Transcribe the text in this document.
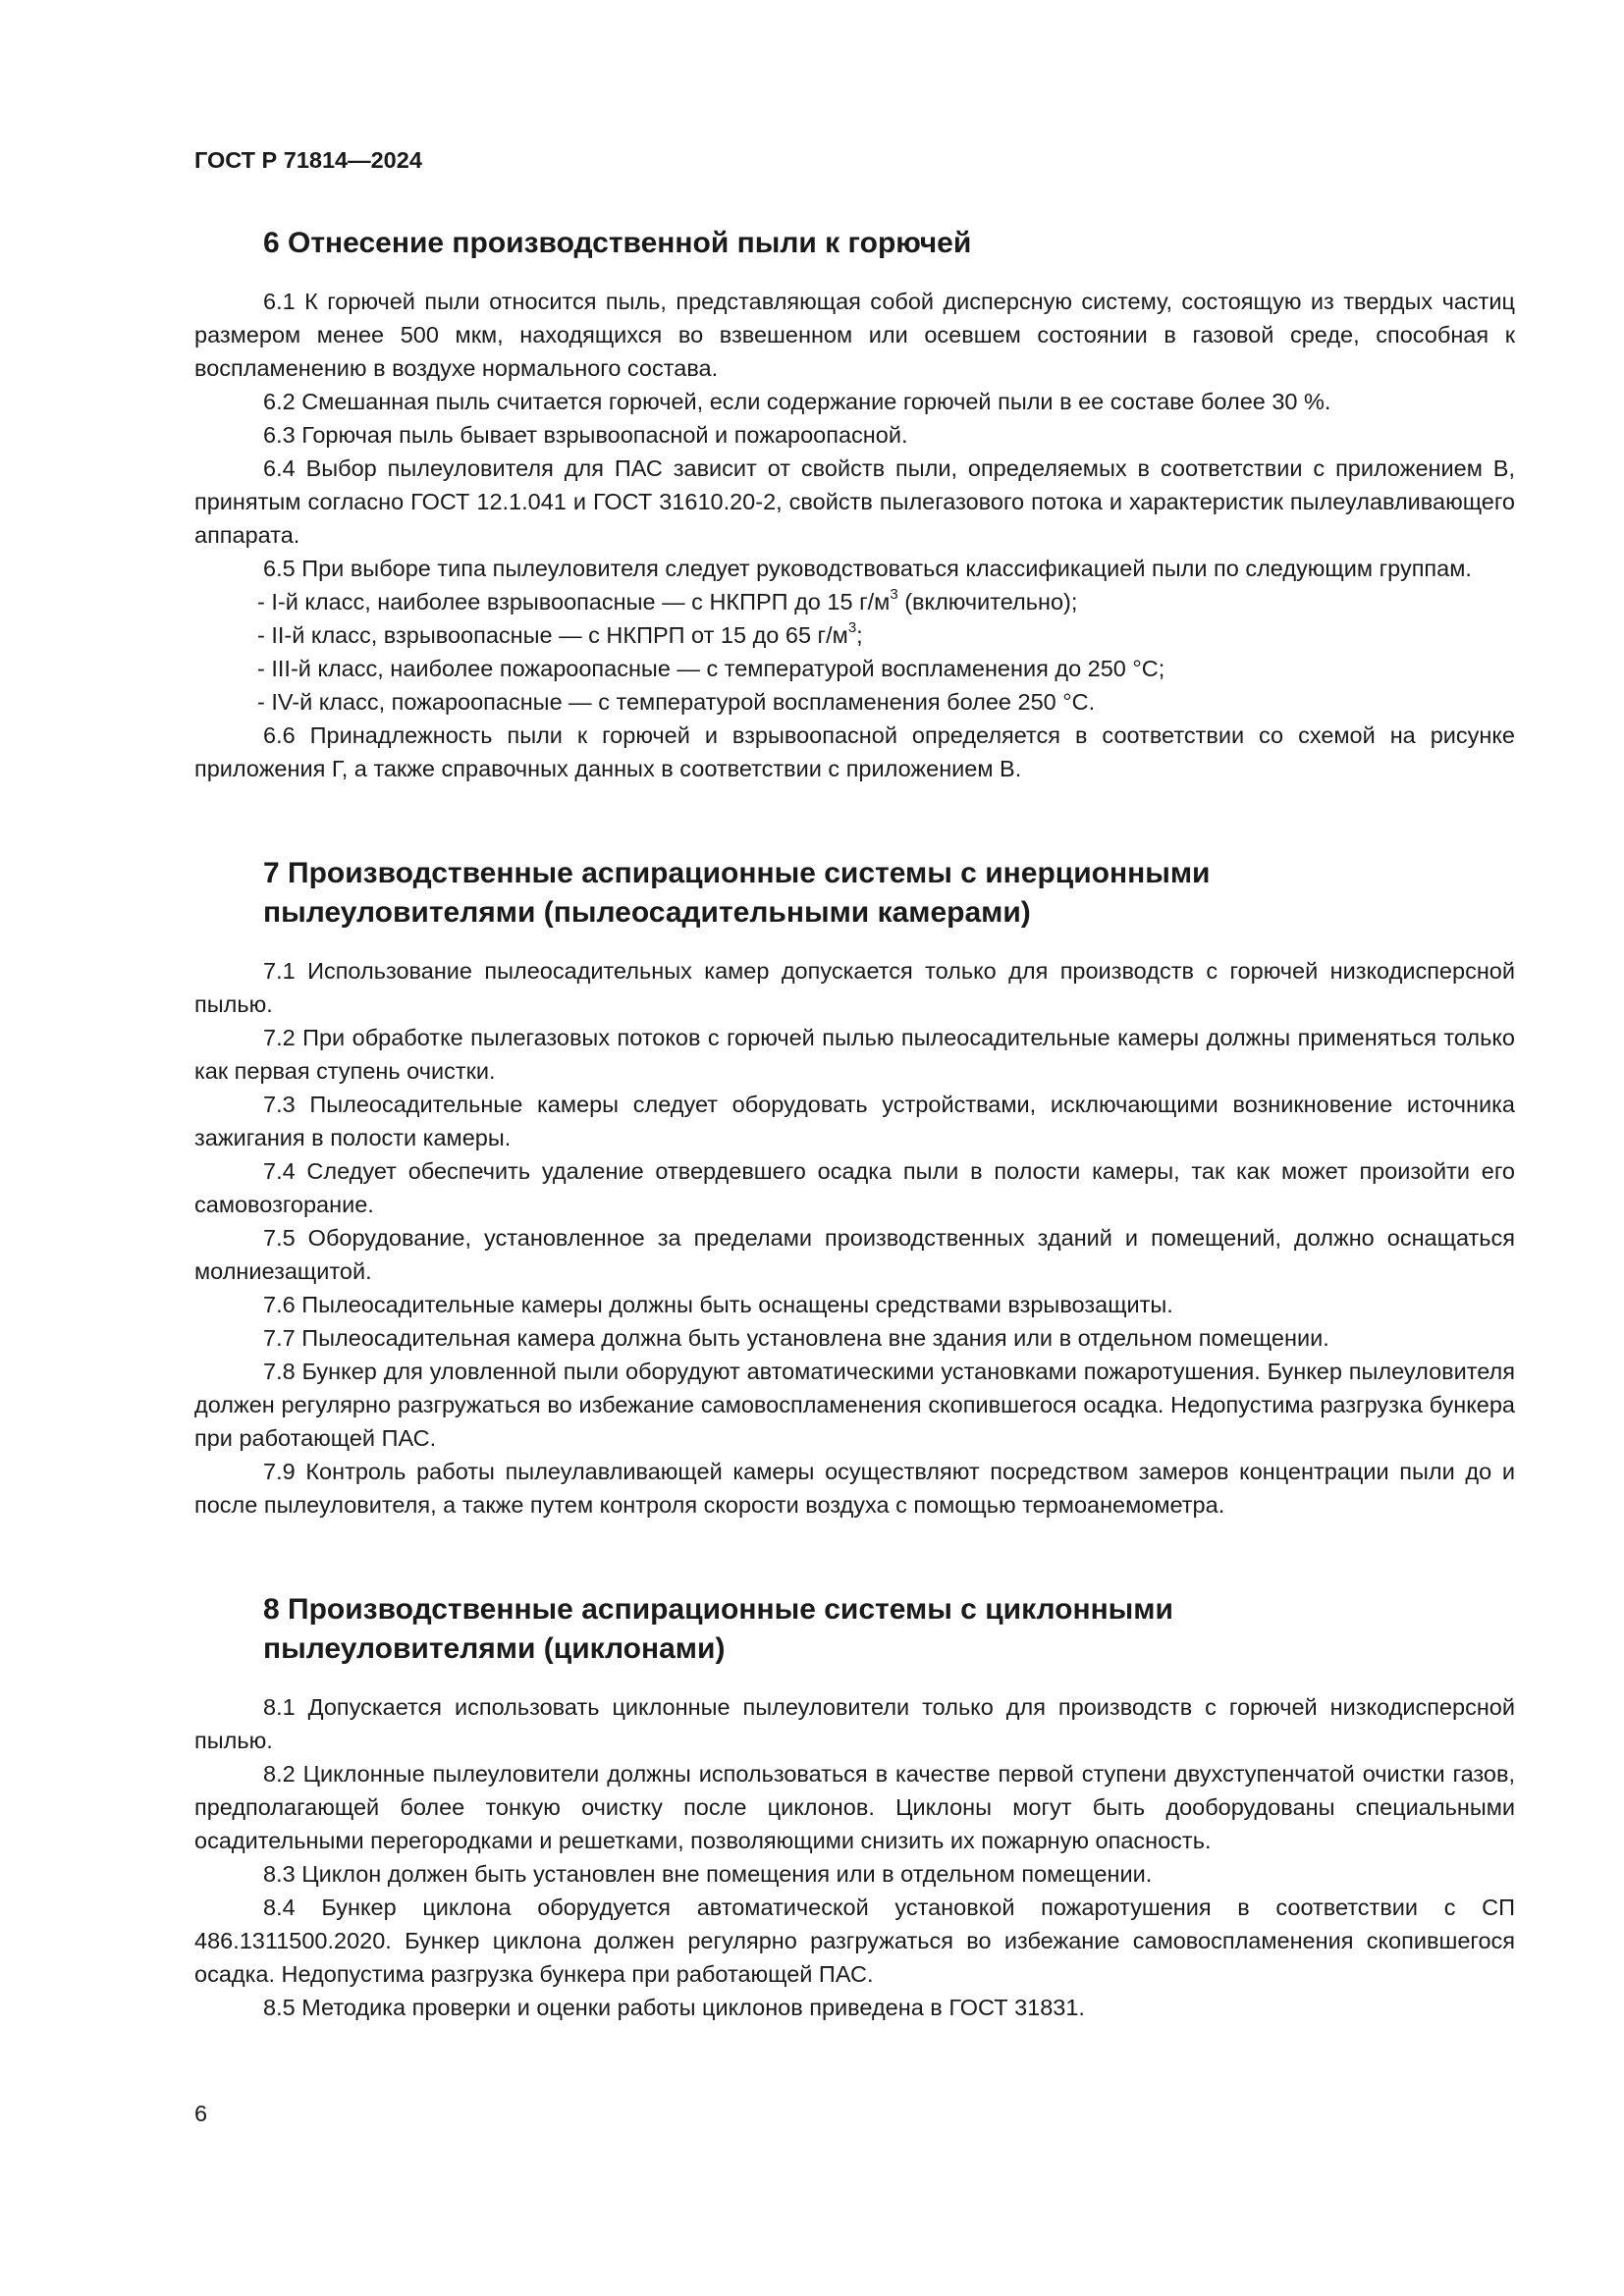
ГОСТ Р 71814—2024
6 Отнесение производственной пыли к горючей

6.1 К горючей пыли относится пыль, представляющая собой дисперсную систему, состоящую из твердых частиц размером менее 500 мкм, находящихся во взвешенном или осевшем состоянии в газовой среде, способная к воспламенению в воздухе нормального состава.

6.2 Смешанная пыль считается горючей, если содержание горючей пыли в ее составе более 30 %.

6.3 Горючая пыль бывает взрывоопасной и пожароопасной.

6.4 Выбор пылеуловителя для ПАС зависит от свойств пыли, определяемых в соответствии с приложением В, принятым согласно ГОСТ 12.1.041 и ГОСТ 31610.20-2, свойств пылегазового потока и характеристик пылеулавливающего аппарата.

6.5 При выборе типа пылеуловителя следует руководствоваться классификацией пыли по следующим группам.

- I-й класс, наиболее взрывоопасные — с НКПРП до 15 $г/м^3$ (включительно);
- II-й класс, взрывоопасные — с НКПРП от 15 до 65 $г/м^3$;
- III-й класс, наиболее пожароопасные — с температурой воспламенения до 250 °С;
- IV-й класс, пожароопасные — с температурой воспламенения более 250 °С.

6.6 Принадлежность пыли к горючей и взрывоопасной определяется в соответствии со схемой на рисунке приложения Г, а также справочных данных в соответствии с приложением В.

7 Производственные аспирационные системы с инерционными
пылеуловителями (пылеосадительными камерами)

7.1 Использование пылеосадительных камер допускается только для производств с горючей низкодисперсной пылью.

7.2 При обработке пылегазовых потоков с горючей пылью пылеосадительные камеры должны применяться только как первая ступень очистки.

7.3 Пылеосадительные камеры следует оборудовать устройствами, исключающими возникновение источника зажигания в полости камеры.

7.4 Следует обеспечить удаление отвердевшего осадка пыли в полости камеры, так как может произойти его самовозгорание.

7.5 Оборудование, установленное за пределами производственных зданий и помещений, должно оснащаться молниезащитой.

7.6 Пылеосадительные камеры должны быть оснащены средствами взрывозащиты.

7.7 Пылеосадительная камера должна быть установлена вне здания или в отдельном помещении.

7.8 Бункер для уловленной пыли оборудуют автоматическими установками пожаротушения. Бункер пылеуловителя должен регулярно разгружаться во избежание самовоспламенения скопившегося осадка. Недопустима разгрузка бункера при работающей ПАС.

7.9 Контроль работы пылеулавливающей камеры осуществляют посредством замеров концентрации пыли до и после пылеуловителя, а также путем контроля скорости воздуха с помощью термоанемометра.

8 Производственные аспирационные системы с циклонными
пылеуловителями (циклонами)

8.1 Допускается использовать циклонные пылеуловители только для производств с горючей низкодисперсной пылью.

8.2 Циклонные пылеуловители должны использоваться в качестве первой ступени двухступенчатой очистки газов, предполагающей более тонкую очистку после циклонов. Циклоны могут быть дооборудованы специальными осадительными перегородками и решетками, позволяющими снизить их пожарную опасность.

8.3 Циклон должен быть установлен вне помещения или в отдельном помещении.

8.4 Бункер циклона оборудуется автоматической установкой пожаротушения в соответствии с СП 486.1311500.2020. Бункер циклона должен регулярно разгружаться во избежание самовоспламенения скопившегося осадка. Недопустима разгрузка бункера при работающей ПАС.

8.5 Методика проверки и оценки работы циклонов приведена в ГОСТ 31831.

6
